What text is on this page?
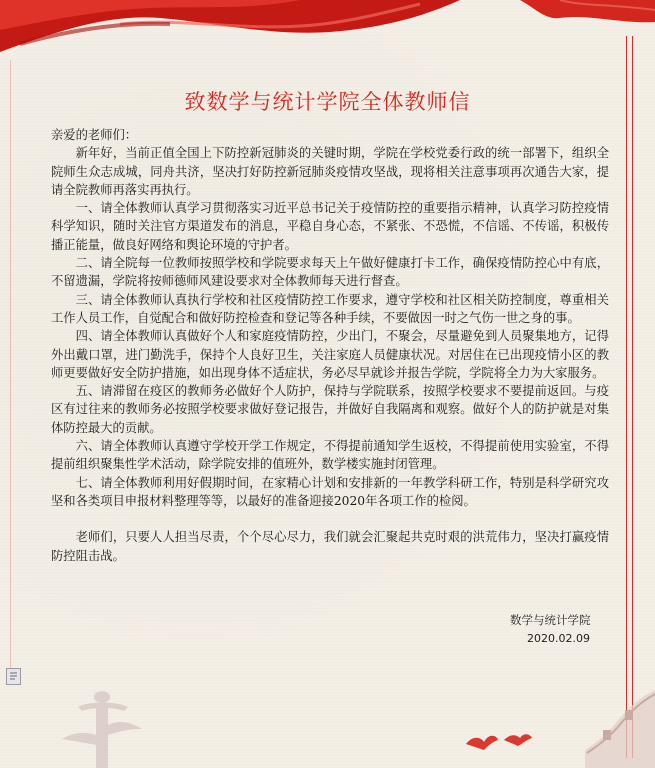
致数学与统计学院全体教师信

亲爱的老师们：

新年好，当前正值全国上下防控新冠肺炎的关键时期，学院在学校党委行政的统一部署下，组织全院师生众志成城，同舟共济，坚决打好防控新冠肺炎疫情攻坚战，现将相关注意事项再次通告大家，提请全院教师再落实再执行。

一、请全体教师认真学习贯彻落实习近平总书记关于疫情防控的重要指示精神，认真学习防控疫情科学知识，随时关注官方渠道发布的消息，平稳自身心态，不紧张、不恐慌，不信谣、不传谣，积极传播正能量，做良好网络和舆论环境的守护者。

二、请全院每一位教师按照学校和学院要求每天上午做好健康打卡工作，确保疫情防控心中有底，不留遗漏，学院将按师德师风建设要求对全体教师每天进行督查。

三、请全体教师认真执行学校和社区疫情防控工作要求，遵守学校和社区相关防控制度，尊重相关工作人员工作，自觉配合和做好防控检查和登记等各种手续，不要做因一时之气伤一世之身的事。

四、请全体教师认真做好个人和家庭疫情防控，少出门，不聚会，尽量避免到人员聚集地方，记得外出戴口罩，进门勤洗手，保持个人良好卫生，关注家庭人员健康状况。对居住在已出现疫情小区的教师更要做好安全防护措施，如出现身体不适症状，务必尽早就诊并报告学院，学院将全力为大家服务。

五、请滞留在疫区的教师务必做好个人防护，保持与学院联系，按照学校要求不要提前返回。与疫区有过往来的教师务必按照学校要求做好登记报告，并做好自我隔离和观察。做好个人的防护就是对集体防控最大的贡献。

六、请全体教师认真遵守学校开学工作规定，不得提前通知学生返校，不得提前使用实验室，不得提前组织聚集性学术活动，除学院安排的值班外，数学楼实施封闭管理。

七、请全体教师利用好假期时间，在家精心计划和安排新的一年教学科研工作，特别是科学研究攻坚和各类项目申报材料整理等等，以最好的准备迎接2020年各项工作的检阅。

老师们，只要人人担当尽责，个个尽心尽力，我们就会汇聚起共克时艰的洪荒伟力，坚决打赢疫情防控阻击战。

数学与统计学院
2020.02.09
